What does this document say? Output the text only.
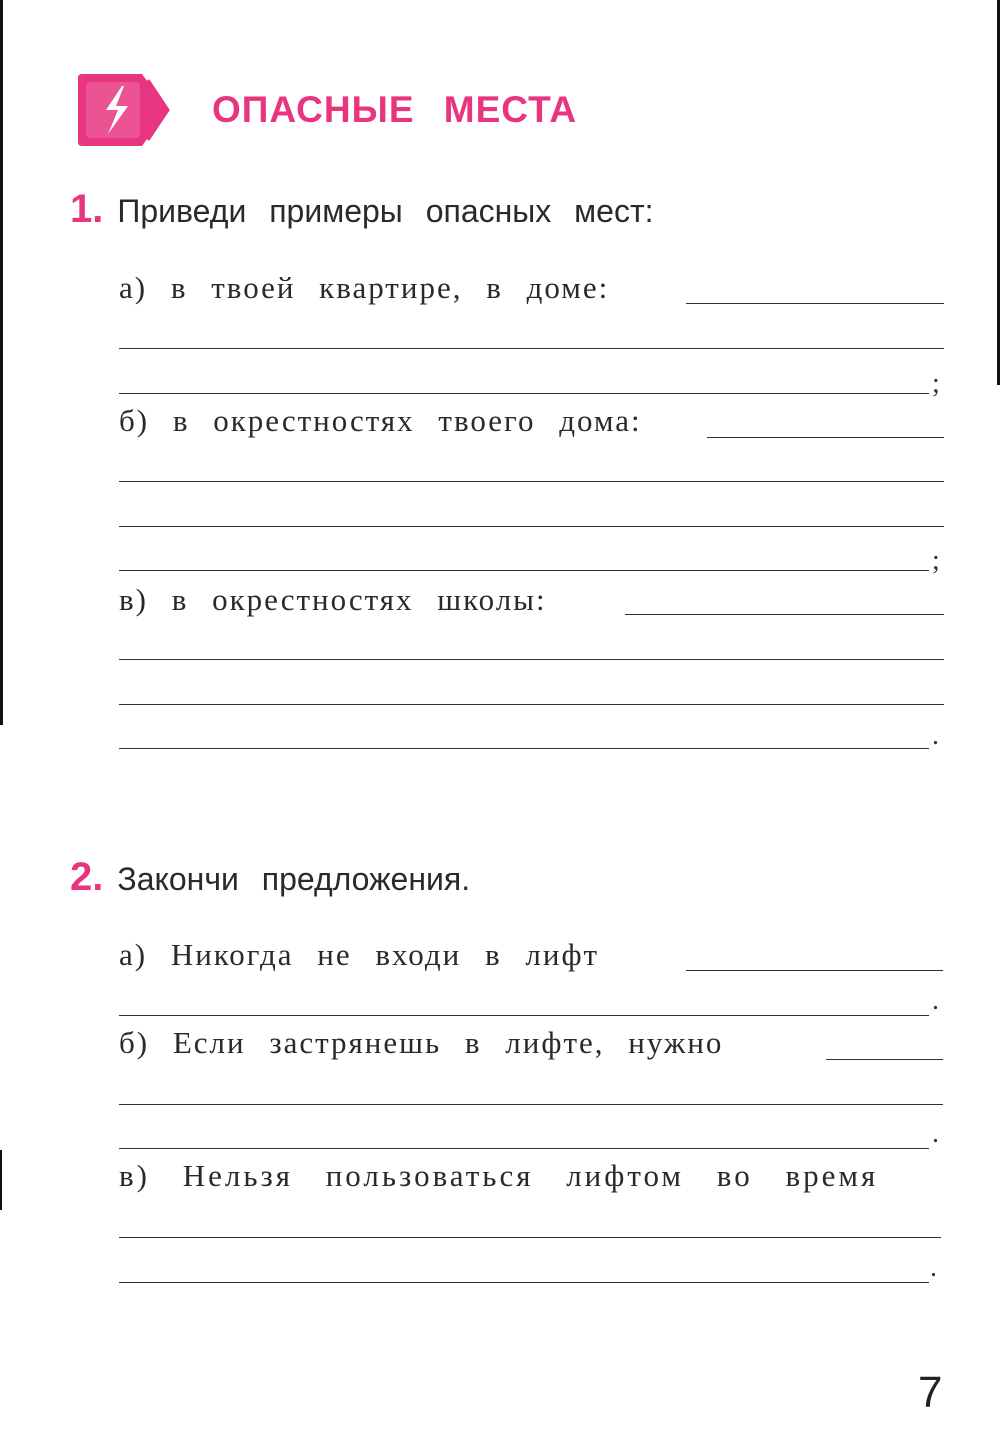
ОПАСНЫЕ МЕСТА
1. Приведи примеры опасных мест:
а) в твоей квартире, в доме:
;
б) в окрестностях твоего дома:
;
в) в окрестностях школы:
.
2. Закончи предложения.
а) Никогда не входи в лифт
.
б) Если застрянешь в лифте, нужно
.
в) Нельзя пользоваться лифтом во время
.
7
